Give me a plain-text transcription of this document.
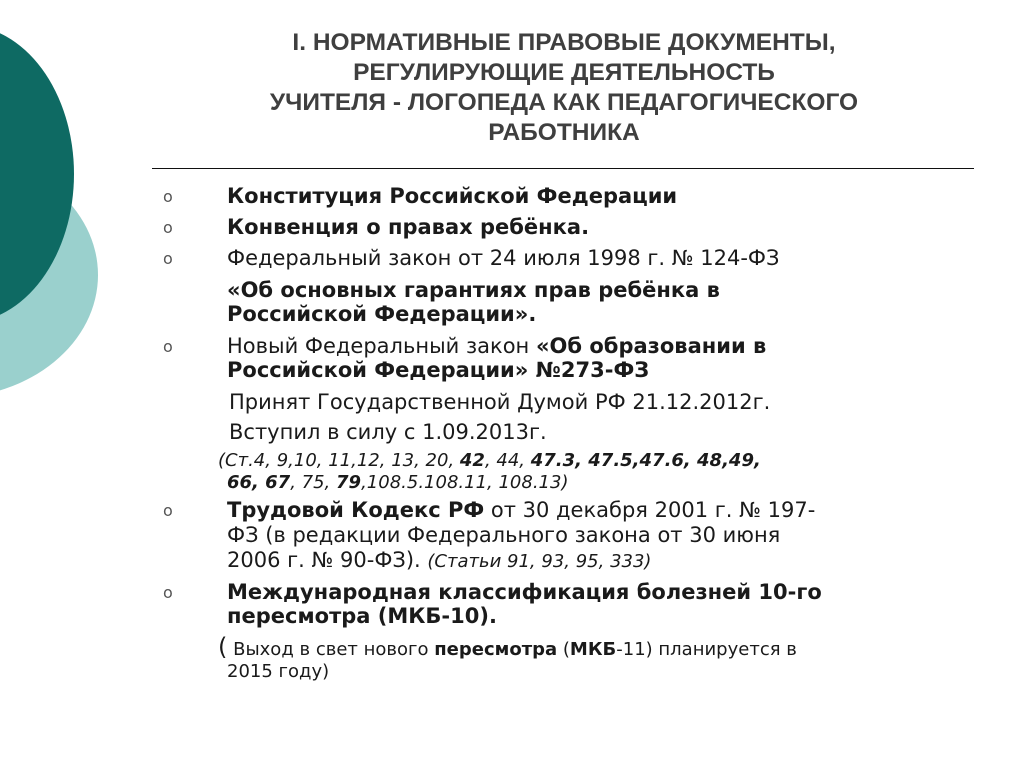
I. НОРМАТИВНЫЕ ПРАВОВЫЕ ДОКУМЕНТЫ,
РЕГУЛИРУЮЩИЕ ДЕЯТЕЛЬНОСТЬ
УЧИТЕЛЯ - ЛОГОПЕДА КАК ПЕДАГОГИЧЕСКОГО
РАБОТНИКА
o
o
o
o
o
o
Конституция Российской Федерации
Конвенция о правах ребёнка.
Федеральный закон от 24 июля 1998 г. № 124-ФЗ
«Об основных гарантиях прав ребёнка в
Российской Федерации».
Новый Федеральный закон «Об образовании в
Российской Федерации» №273-ФЗ
Принят Государственной Думой РФ 21.12.2012г.
Вступил в силу с 1.09.2013г.
(Ст.4, 9,10, 11,12, 13, 20, 42, 44, 47.3, 47.5,47.6, 48,49,
66, 67, 75, 79,108.5.108.11, 108.13)
Трудовой Кодекс РФ от 30 декабря 2001 г. № 197-
ФЗ (в редакции Федерального закона от 30 июня
2006 г. № 90-ФЗ). (Статьи 91, 93, 95, 333)
Международная классификация болезней 10-го
пересмотра (МКБ-10).
( Выход в свет нового пересмотра (МКБ-11) планируется в
2015 году)
